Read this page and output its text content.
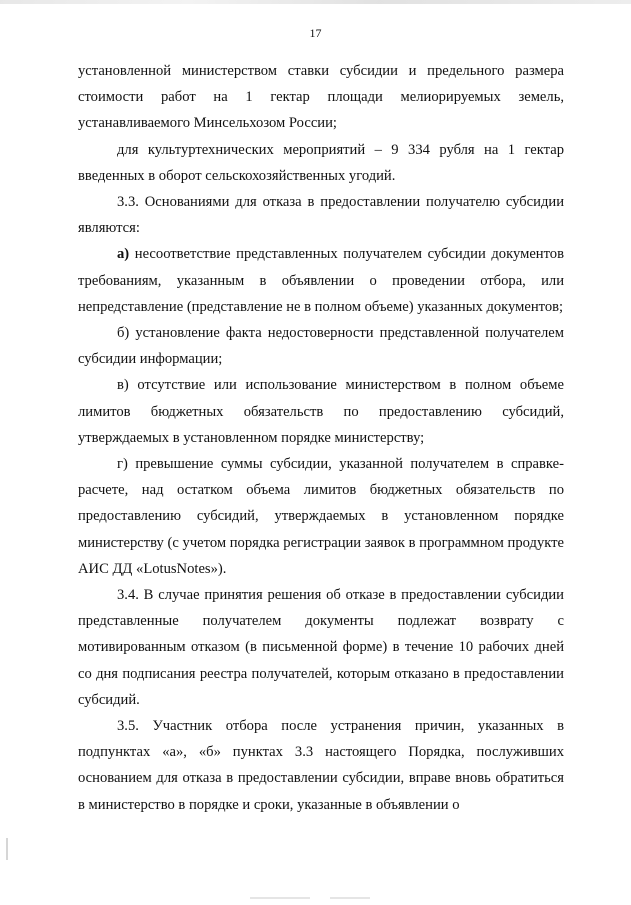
17

установленной министерством ставки субсидии и предельного размера стоимости работ на 1 гектар площади мелиорируемых земель, устанавливаемого Минсельхозом России;

для культуртехнических мероприятий – 9 334 рубля на 1 гектар введенных в оборот сельскохозяйственных угодий.

3.3. Основаниями для отказа в предоставлении получателю субсидии являются:

а) несоответствие представленных получателем субсидии документов требованиям, указанным в объявлении о проведении отбора, или непредставление (представление не в полном объеме) указанных документов;

б) установление факта недостоверности представленной получателем субсидии информации;

в) отсутствие или использование министерством в полном объеме лимитов бюджетных обязательств по предоставлению субсидий, утверждаемых в установленном порядке министерству;

г) превышение суммы субсидии, указанной получателем в справке-расчете, над остатком объема лимитов бюджетных обязательств по предоставлению субсидий, утверждаемых в установленном порядке министерству (с учетом порядка регистрации заявок в программном продукте АИС ДД «LotusNotes»).

3.4. В случае принятия решения об отказе в предоставлении субсидии представленные получателем документы подлежат возврату с мотивированным отказом (в письменной форме) в течение 10 рабочих дней со дня подписания реестра получателей, которым отказано в предоставлении субсидий.

3.5. Участник отбора после устранения причин, указанных в подпунктах «а», «б» пунктах 3.3 настоящего Порядка, послуживших основанием для отказа в предоставлении субсидии, вправе вновь обратиться в министерство в порядке и сроки, указанные в объявлении о
